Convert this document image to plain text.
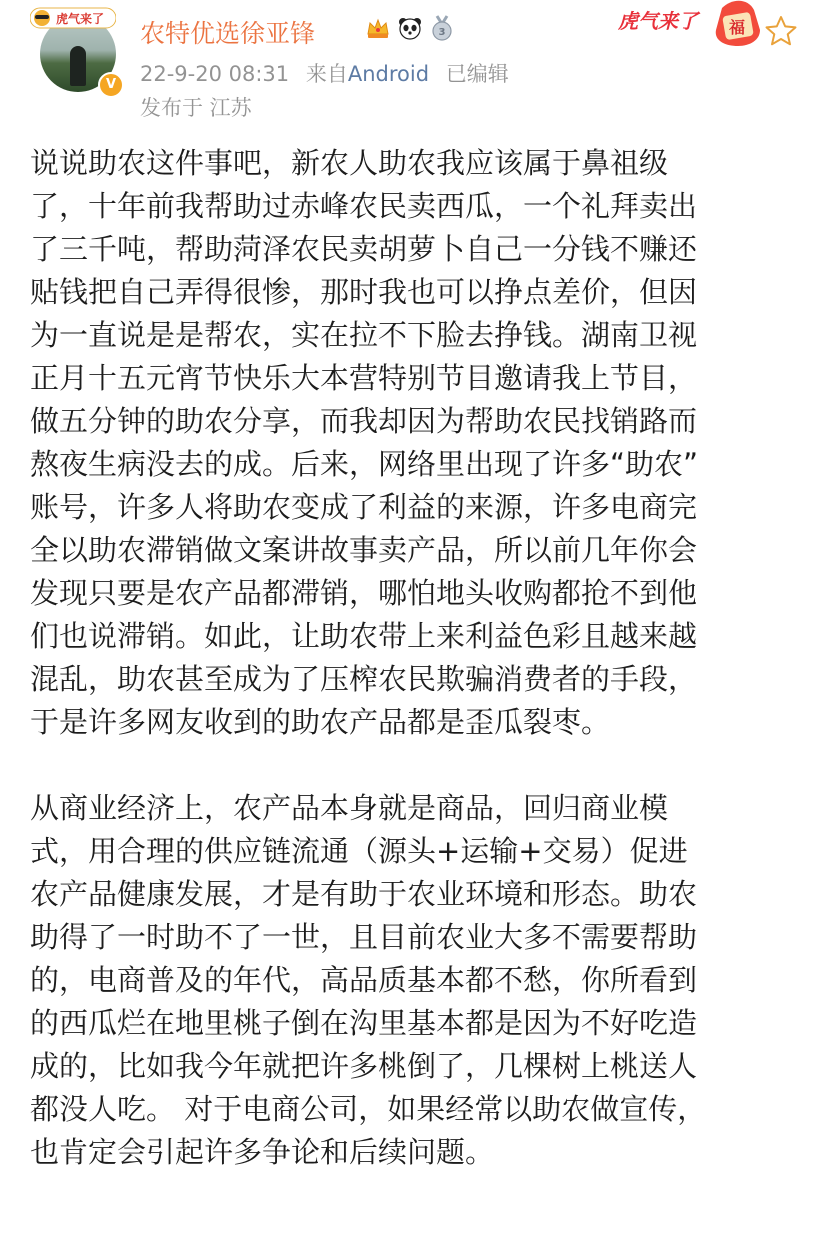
虎气来了
V
农特优选徐亚锋	3
22-9-20 08:31 来自Android 已编辑
发布于 江苏
虎气来了 福

说说助农这件事吧，新农人助农我应该属于鼻祖级
了，十年前我帮助过赤峰农民卖西瓜，一个礼拜卖出
了三千吨，帮助菏泽农民卖胡萝卜自己一分钱不赚还
贴钱把自己弄得很惨，那时我也可以挣点差价，但因
为一直说是是帮农，实在拉不下脸去挣钱。湖南卫视
正月十五元宵节快乐大本营特别节目邀请我上节目，
做五分钟的助农分享，而我却因为帮助农民找销路而
熬夜生病没去的成。后来，网络里出现了许多“助农”
账号，许多人将助农变成了利益的来源，许多电商完
全以助农滞销做文案讲故事卖产品，所以前几年你会
发现只要是农产品都滞销，哪怕地头收购都抢不到他
们也说滞销。如此，让助农带上来利益色彩且越来越
混乱，助农甚至成为了压榨农民欺骗消费者的手段，
于是许多网友收到的助农产品都是歪瓜裂枣。

从商业经济上，农产品本身就是商品，回归商业模
式，用合理的供应链流通（源头+运输+交易）促进
农产品健康发展，才是有助于农业环境和形态。助农
助得了一时助不了一世，且目前农业大多不需要帮助
的，电商普及的年代，高品质基本都不愁，你所看到
的西瓜烂在地里桃子倒在沟里基本都是因为不好吃造
成的，比如我今年就把许多桃倒了，几棵树上桃送人
都没人吃。 对于电商公司，如果经常以助农做宣传，
也肯定会引起许多争论和后续问题。
